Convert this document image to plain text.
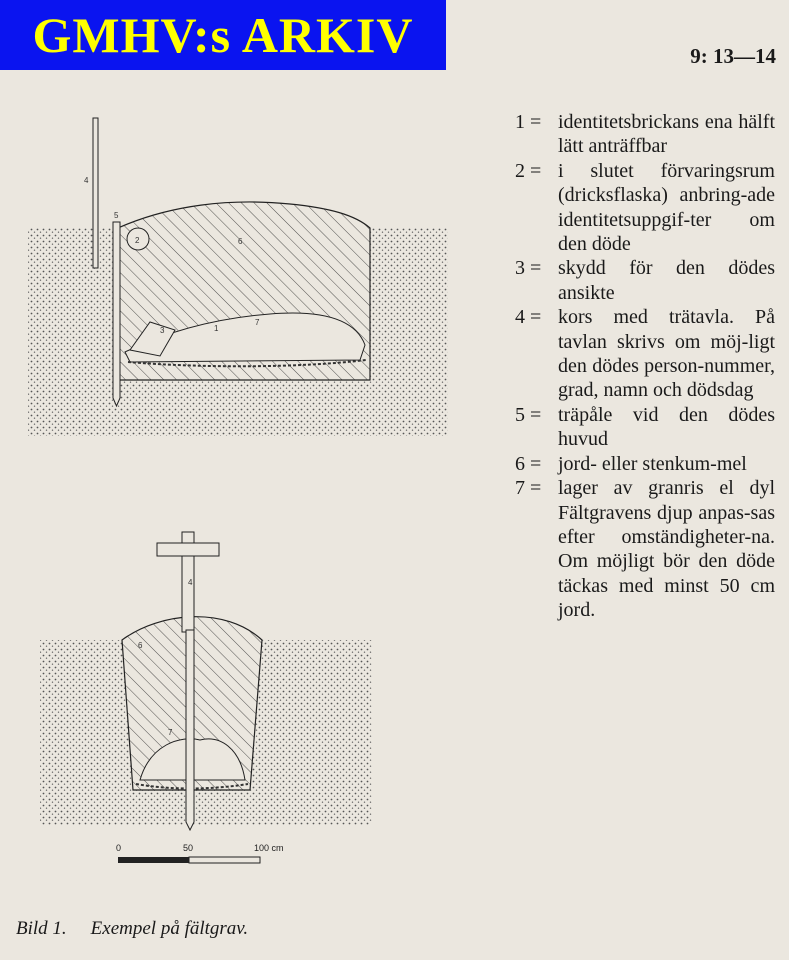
GMHV:s ARKIV	9: 13—14
4
5
2	6
3	1
7
4
6
7
0	50	100 cm
1 = identitetsbrickans ena hälft lätt anträffbar
2 = i slutet förvaringsrum (dricksflaska) anbring-ade identitetsuppgif-ter om den döde
3 = skydd för den dödes ansikte
4 = kors med trätavla. På tavlan skrivs om möj-ligt den dödes person-nummer, grad, namn och dödsdag
5 = träpåle vid den dödes huvud
6 = jord- eller stenkum-mel
7 = lager av granris el dyl Fältgravens djup anpas-sas efter omständigheter-na. Om möjligt bör den döde täckas med minst 50 cm jord.
Bild 1. Exempel på fältgrav.
